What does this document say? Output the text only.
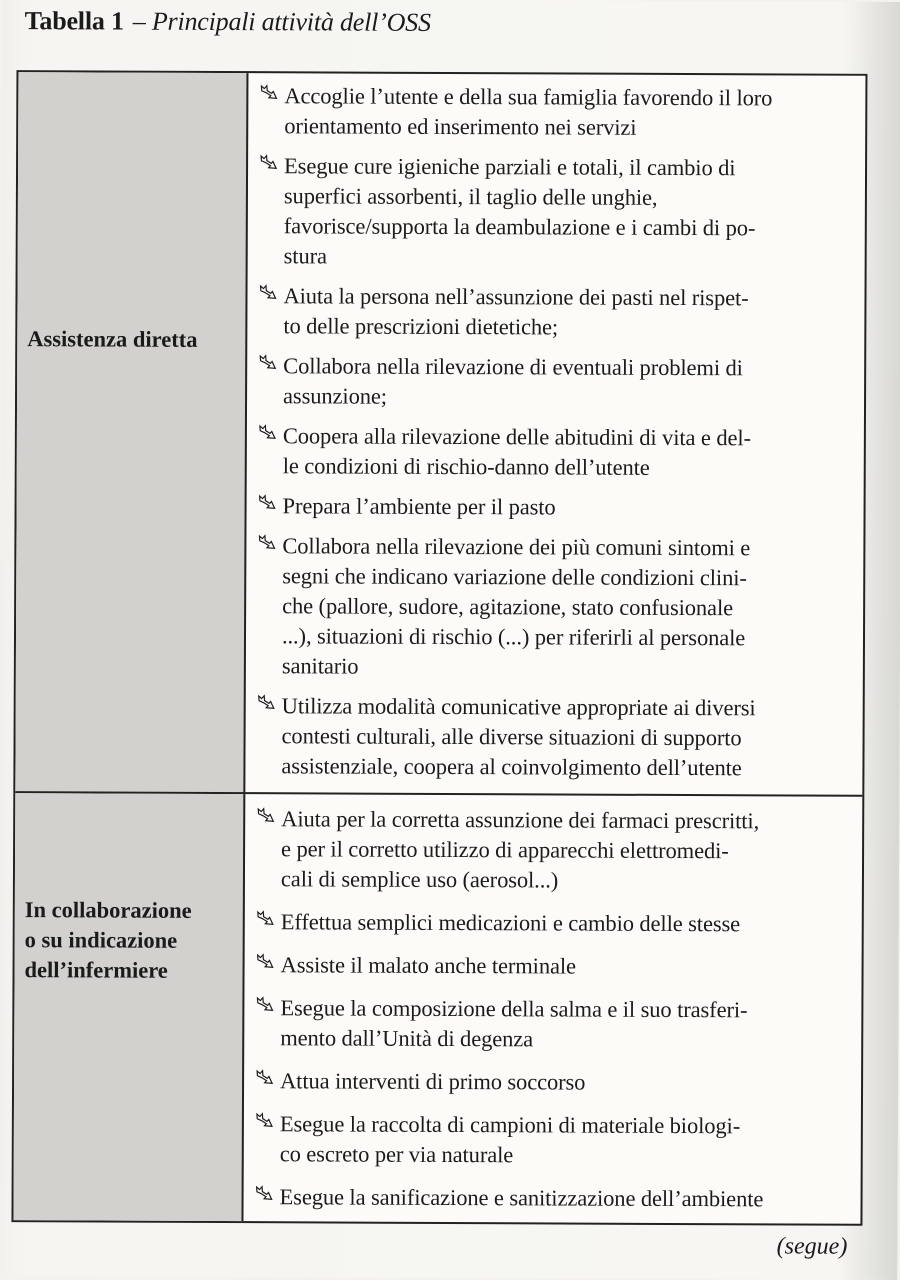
Tabella 1 – Principali attività dell’OSS
Assistenza diretta
Accoglie l’utente e della sua famiglia favorendo il loro
orientamento ed inserimento nei servizi
Esegue cure igieniche parziali e totali, il cambio di
superfici assorbenti, il taglio delle unghie,
favorisce/supporta la deambulazione e i cambi di po-
stura
Aiuta la persona nell’assunzione dei pasti nel rispet-
to delle prescrizioni dietetiche;
Collabora nella rilevazione di eventuali problemi di
assunzione;
Coopera alla rilevazione delle abitudini di vita e del-
le condizioni di rischio-danno dell’utente
Prepara l’ambiente per il pasto
Collabora nella rilevazione dei più comuni sintomi e
segni che indicano variazione delle condizioni clini-
che (pallore, sudore, agitazione, stato confusionale
...), situazioni di rischio (...) per riferirli al personale
sanitario
Utilizza modalità comunicative appropriate ai diversi
contesti culturali, alle diverse situazioni di supporto
assistenziale, coopera al coinvolgimento dell’utente
In collaborazione
o su indicazione
dell’infermiere
Aiuta per la corretta assunzione dei farmaci prescritti,
e per il corretto utilizzo di apparecchi elettromedi-
cali di semplice uso (aerosol...)
Effettua semplici medicazioni e cambio delle stesse
Assiste il malato anche terminale
Esegue la composizione della salma e il suo trasferi-
mento dall’Unità di degenza
Attua interventi di primo soccorso
Esegue la raccolta di campioni di materiale biologi-
co escreto per via naturale
Esegue la sanificazione e sanitizzazione dell’ambiente
(segue)
